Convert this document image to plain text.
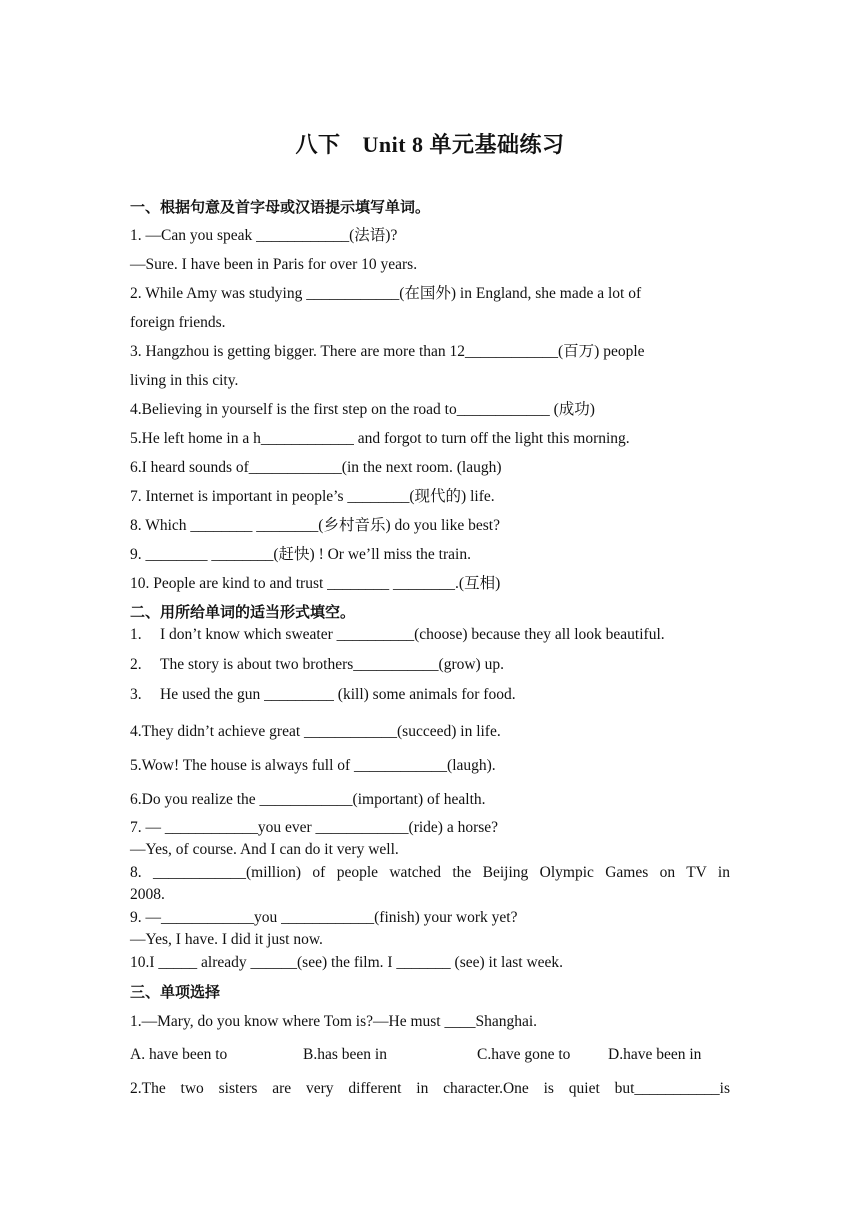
八下 Unit 8 单元基础练习
一、根据句意及首字母或汉语提示填写单词。
1. —Can you speak ____________(法语)?
—Sure. I have been in Paris for over 10 years.
2. While Amy was studying ____________(在国外) in England, she made a lot of
foreign friends.
3. Hangzhou is getting bigger. There are more than 12____________(百万) people
living in this city.
4.Believing in yourself is the first step on the road to____________ (成功)
5.He left home in a h____________ and forgot to turn off the light this morning.
6.I heard sounds of____________(in the next room. (laugh)
7. Internet is important in people’s ________(现代的) life.
8. Which ________ ________(乡村音乐) do you like best?
9. ________ ________(赶快) ! Or we’ll miss the train.
10. People are kind to and trust ________ ________.(互相)
二、用所给单词的适当形式填空。
1. I don’t know which sweater __________(choose) because they all look beautiful.
2. The story is about two brothers___________(grow) up.
3. He used the gun _________ (kill) some animals for food.
4.They didn’t achieve great ____________(succeed) in life.
5.Wow! The house is always full of ____________(laugh).
6.Do you realize the ____________(important) of health.
7. — ____________you ever ____________(ride) a horse?
—Yes, of course. And I can do it very well.
8. ____________(million) of people watched the Beijing Olympic Games on TV in
2008.
9. —____________you ____________(finish) your work yet?
—Yes, I have. I did it just now.
10.I _____ already ______(see) the film. I _______ (see) it last week.
三、单项选择
1.—Mary, do you know where Tom is?—He must ____Shanghai.
A. have been to	B.has been in	C.have gone to D.have been in
2.The two sisters are very different in character.One is quiet but___________is
